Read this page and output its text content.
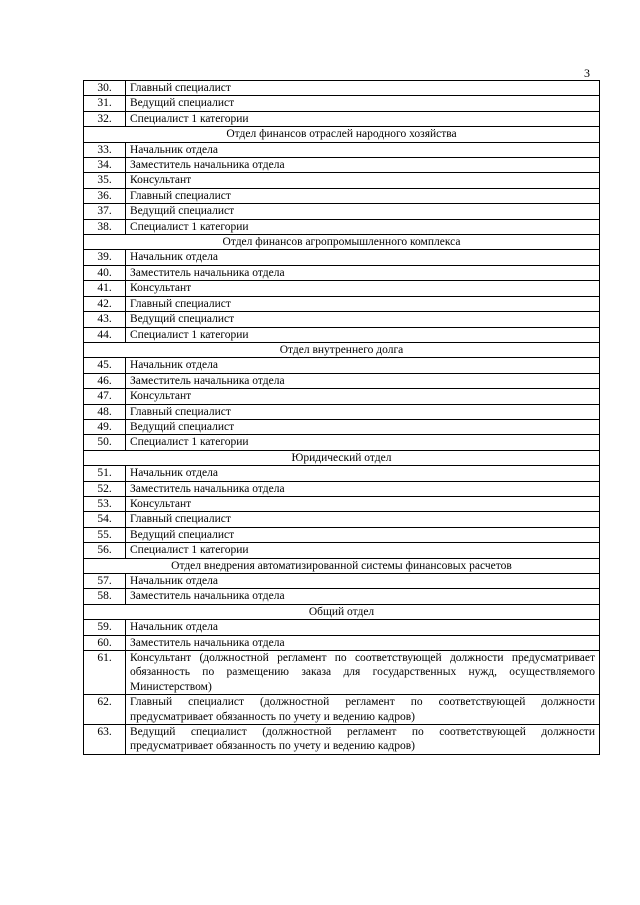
3
30.	Главный специалист
31.	Ведущий специалист
32.	Специалист 1 категории
Отдел финансов отраслей народного хозяйства	
33.	Начальник отдела
34.	Заместитель начальника отдела
35.	Консультант
36.	Главный специалист
37.	Ведущий специалист
38.	Специалист 1 категории
Отдел финансов агропромышленного комплекса	
39.	Начальник отдела
40.	Заместитель начальника отдела
41.	Консультант
42.	Главный специалист
43.	Ведущий специалист
44.	Специалист 1 категории
Отдел внутреннего долга	
45.	Начальник отдела
46.	Заместитель начальника отдела
47.	Консультант
48.	Главный специалист
49.	Ведущий специалист
50.	Специалист 1 категории
Юридический отдел	
51.	Начальник отдела
52.	Заместитель начальника отдела
53.	Консультант
54.	Главный специалист
55.	Ведущий специалист
56.	Специалист 1 категории
Отдел внедрения автоматизированной системы финансовых расчетов	
57.	Начальник отдела
58.	Заместитель начальника отдела
Общий отдел	
59.	Начальник отдела
60.	Заместитель начальника отдела
61.	Консультант (должностной регламент по соответствующей должности предусматривает обязанность по размещению заказа для государственных нужд, осуществляемого Министерством)
62.	Главный специалист (должностной регламент по соответствующей должности предусматривает обязанность по учету и ведению кадров)
63.	Ведущий специалист (должностной регламент по соответствующей должности предусматривает обязанность по учету и ведению кадров)
